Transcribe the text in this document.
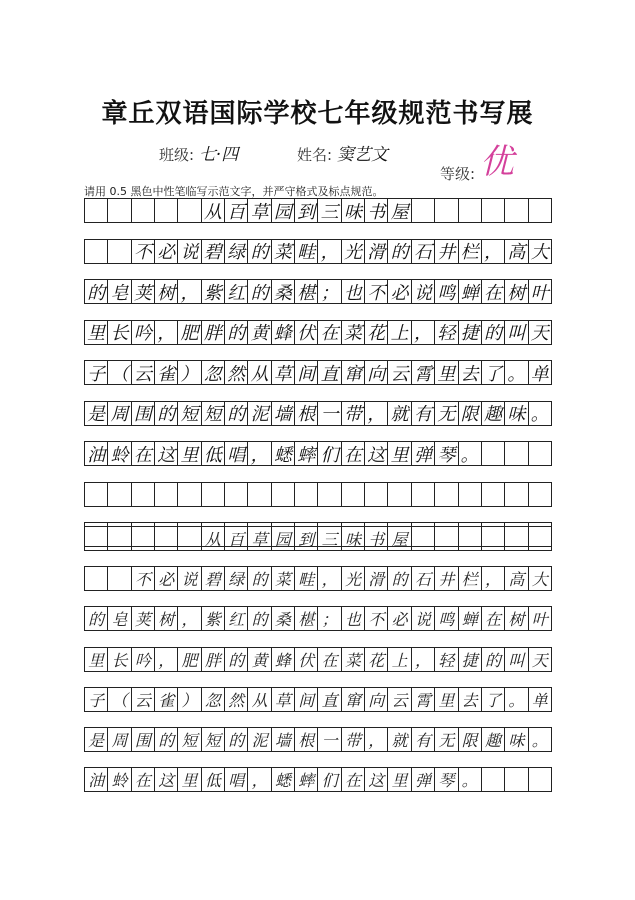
章丘双语国际学校七年级规范书写展
班级: 七·四	姓名: 窦艺文
等级: 优
请用 0.5 黑色中性笔临写示范文字，并严守格式及标点规范。
从 百 草 园 到 三 味 书 屋
不 必 说 碧 绿 的 菜 畦 ， 光 滑 的 石 井 栏 ， 高 大
的 皂 荚 树 ， 紫 红 的 桑 椹 ； 也 不 必 说 鸣 蝉 在 树 叶
里 长 吟 ， 肥 胖 的 黄 蜂 伏 在 菜 花 上 ， 轻 捷 的 叫 天
子 （ 云 雀 ） 忽 然 从 草 间 直 窜 向 云 霄 里 去 了 。 单
是 周 围 的 短 短 的 泥 墙 根 一 带 ， 就 有 无 限 趣 味 。
油 蛉 在 这 里 低 唱 ， 蟋 蟀 们 在 这 里 弹 琴 。
从 百 草 园 到 三 味 书 屋
不 必 说 碧 绿 的 菜 畦 ， 光 滑 的 石 井 栏 ， 高 大
的 皂 荚 树 ， 紫 红 的 桑 椹 ； 也 不 必 说 鸣 蝉 在 树 叶
里 长 吟 ， 肥 胖 的 黄 蜂 伏 在 菜 花 上 ， 轻 捷 的 叫 天
子 （ 云 雀 ） 忽 然 从 草 间 直 窜 向 云 霄 里 去 了 。 单
是 周 围 的 短 短 的 泥 墙 根 一 带 ， 就 有 无 限 趣 味 。
油 蛉 在 这 里 低 唱 ， 蟋 蟀 们 在 这 里 弹 琴 。
